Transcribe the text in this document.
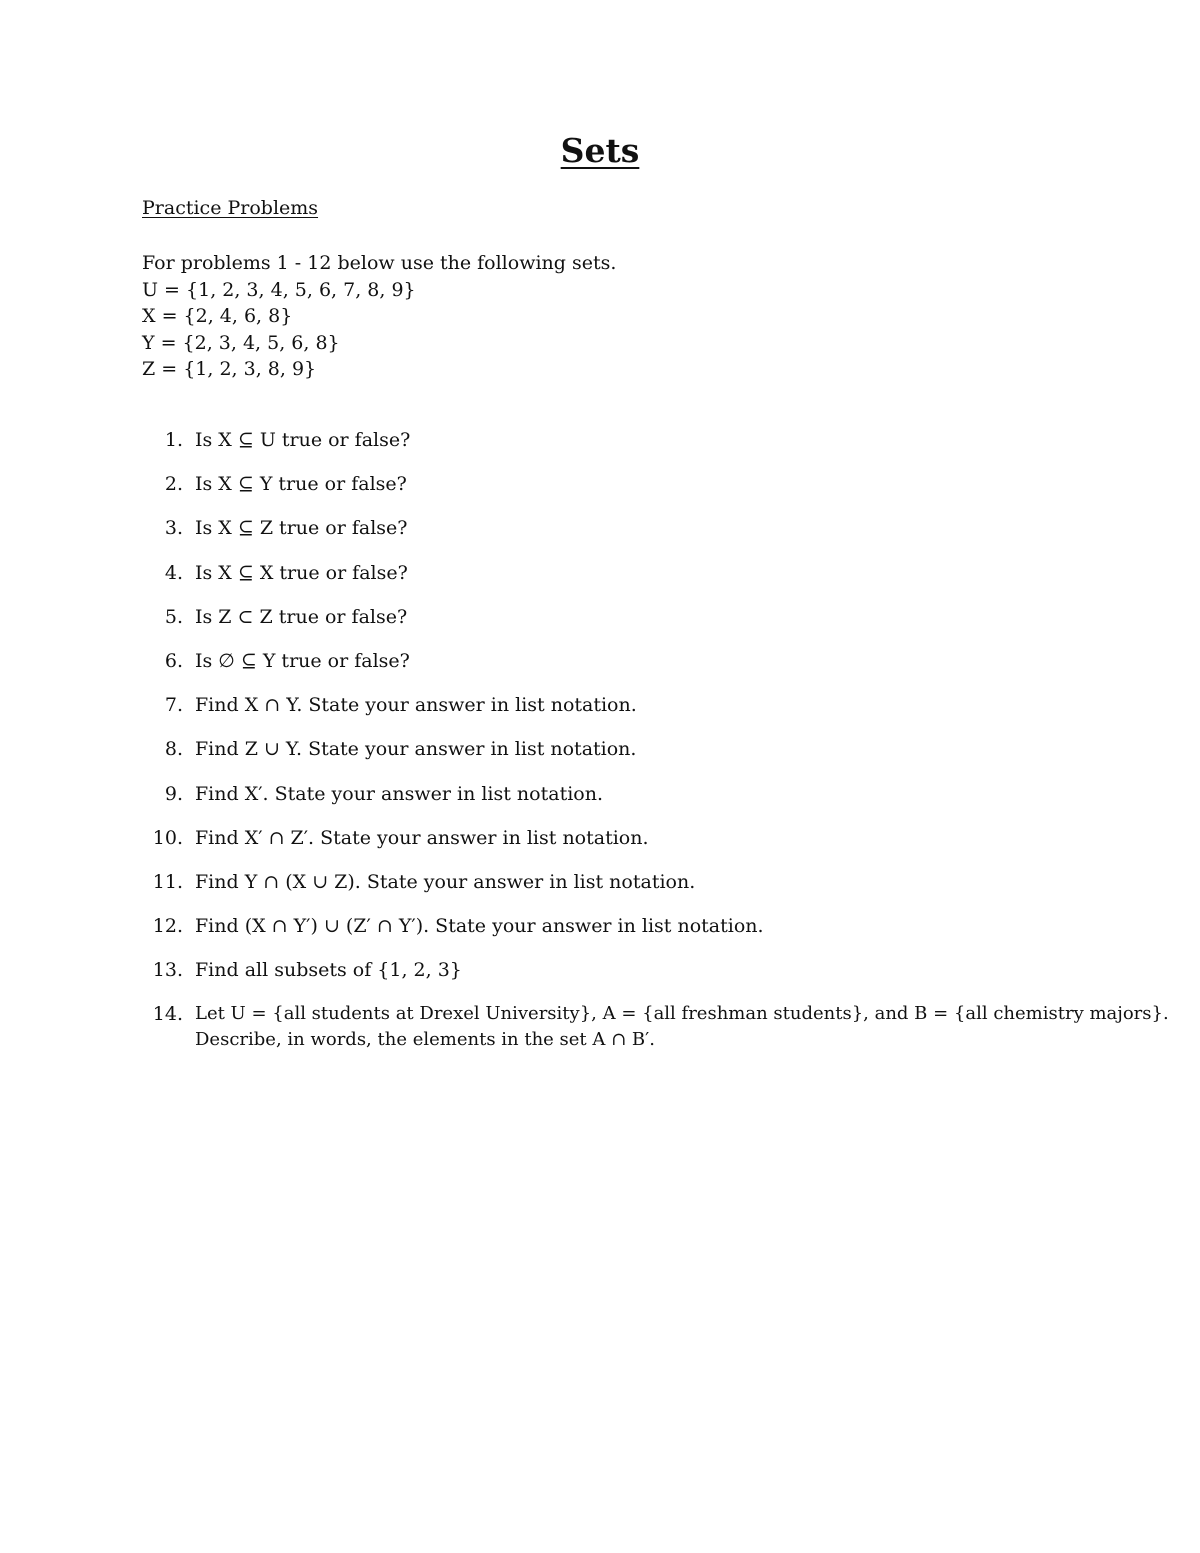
Sets
Practice Problems
For problems 1 - 12 below use the following sets.
U = {1, 2, 3, 4, 5, 6, 7, 8, 9}
X = {2, 4, 6, 8}
Y = {2, 3, 4, 5, 6, 8}
Z = {1, 2, 3, 8, 9}
1. Is X ⊆ U true or false?
2. Is X ⊆ Y true or false?
3. Is X ⊆ Z true or false?
4. Is X ⊆ X true or false?
5. Is Z ⊂ Z true or false?
6. Is ∅ ⊆ Y true or false?
7. Find X ∩ Y. State your answer in list notation.
8. Find Z ∪ Y. State your answer in list notation.
9. Find X′. State your answer in list notation.
10. Find X′ ∩ Z′. State your answer in list notation.
11. Find Y ∩ (X ∪ Z). State your answer in list notation.
12. Find (X ∩ Y′) ∪ (Z′ ∩ Y′). State your answer in list notation.
13. Find all subsets of {1, 2, 3}
14. Let U = {all students at Drexel University}, A = {all freshman students}, and B = {all chemistry majors}. Describe, in words, the elements in the set A ∩ B′.
